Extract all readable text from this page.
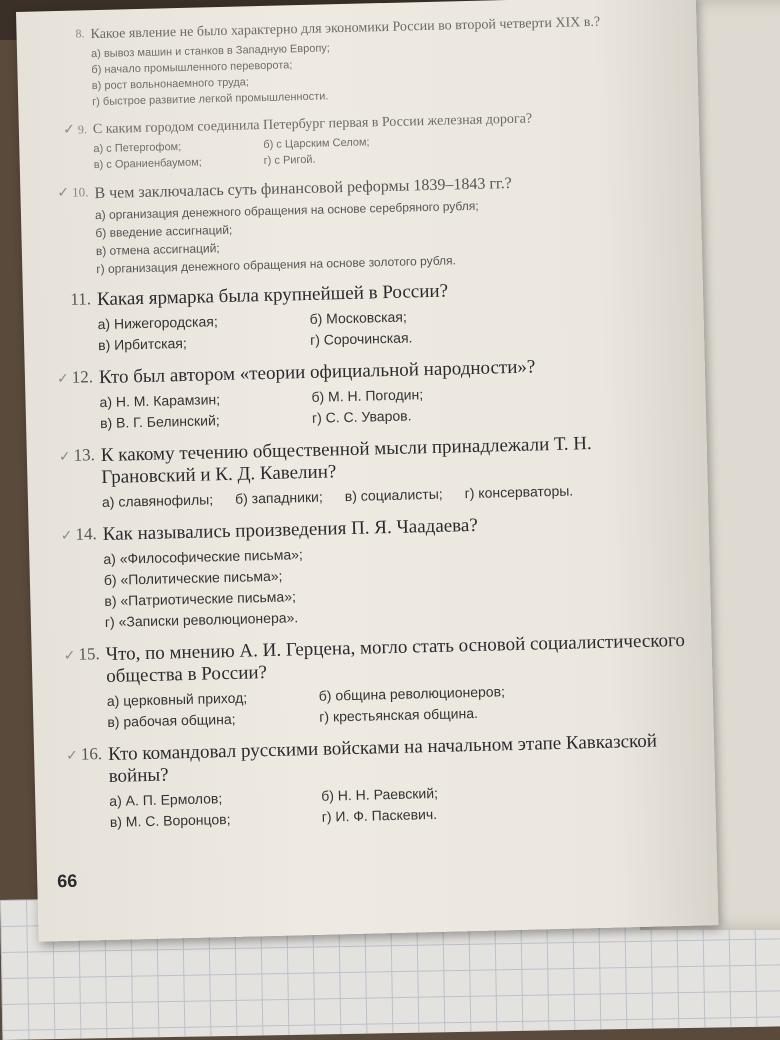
8. Какое явление не было характерно для экономики России во второй четверти XIX в.?
а) вывоз машин и станков в Западную Европу;
б) начало промышленного переворота;
в) рост вольнонаемного труда;
г) быстрое развитие легкой промышленности.
✓ 9. С каким городом соединила Петербург первая в России железная дорога?
а) с Петергофом;	б) с Царским Селом;
в) с Ораниенбаумом;	г) с Ригой.
✓ 10. В чем заключалась суть финансовой реформы 1839–1843 гг.?
а) организация денежного обращения на основе серебряного рубля;
б) введение ассигнаций;
в) отмена ассигнаций;
г) организация денежного обращения на основе золотого рубля.
11. Какая ярмарка была крупнейшей в России?
а) Нижегородская;	б) Московская;
в) Ирбитская;	г) Сорочинская.
✓ 12. Кто был автором «теории официальной народности»?
а) Н. М. Карамзин;	б) М. Н. Погодин;
в) В. Г. Белинский;	г) С. С. Уваров.
✓ 13. К какому течению общественной мысли принадлежали Т. Н. Грановский и К. Д. Кавелин?
а) славянофилы; б) западники; в) социалисты; г) консерваторы.
✓ 14. Как назывались произведения П. Я. Чаадаева?
а) «Философические письма»;
б) «Политические письма»;
в) «Патриотические письма»;
г) «Записки революционера».
✓ 15. Что, по мнению А. И. Герцена, могло стать основой социалистического общества в России?
а) церковный приход;	б) община революционеров;
в) рабочая община;	г) крестьянская община.
✓ 16. Кто командовал русскими войсками на начальном этапе Кавказской войны?
а) А. П. Ермолов;	б) Н. Н. Раевский;
в) М. С. Воронцов;	г) И. Ф. Паскевич.
66
